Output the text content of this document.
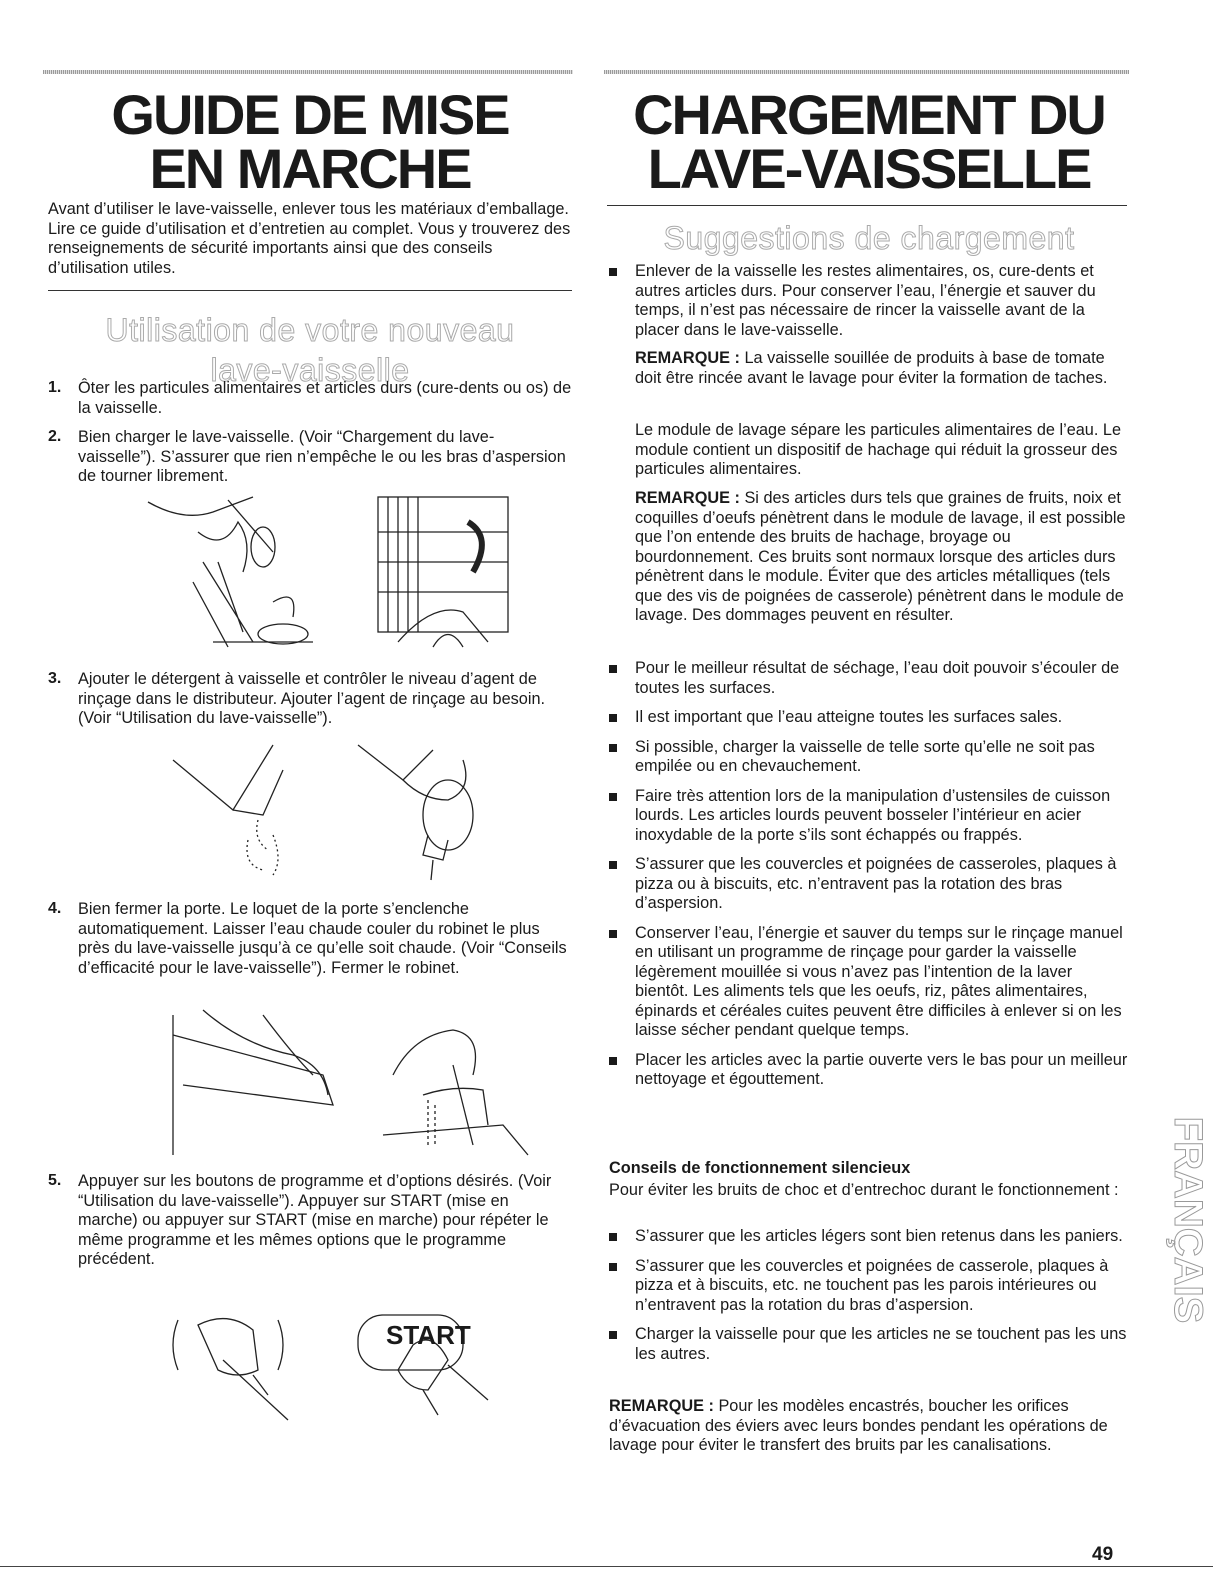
GUIDE DE MISE
EN MARCHE

Avant d’utiliser le lave-vaisselle, enlever tous les matériaux d’emballage. Lire ce guide d’utilisation et d’entretien au complet. Vous y trouverez des renseignements de sécurité importants ainsi que des conseils d’utilisation utiles.

Utilisation de votre nouveau
lave-vaisselle
1. Ôter les particules alimentaires et articles durs (cure-dents ou os) de la vaisselle.

2. Bien charger le lave-vaisselle. (Voir “Chargement du lave-vaisselle”). S’assurer que rien n’empêche le ou les bras d’aspersion de tourner librement.

3. Ajouter le détergent à vaisselle et contrôler le niveau d’agent de rinçage dans le distributeur. Ajouter l’agent de rinçage au besoin. (Voir “Utilisation du lave-vaisselle”).

4. Bien fermer la porte. Le loquet de la porte s’enclenche automatiquement. Laisser l’eau chaude couler du robinet le plus près du lave-vaisselle jusqu’à ce qu’elle soit chaude. (Voir “Conseils d’efficacité pour le lave-vaisselle”). Fermer le robinet.

5. Appuyer sur les boutons de programme et d’options désirés. (Voir “Utilisation du lave-vaisselle”). Appuyer sur START (mise en marche) ou appuyer sur START (mise en marche) pour répéter le même programme et les mêmes options que le programme précédent.

START
CHARGEMENT DU
LAVE-VAISSELLE
Suggestions de chargement
Enlever de la vaisselle les restes alimentaires, os, cure-dents et autres articles durs. Pour conserver l’eau, l’énergie et sauver du temps, il n’est pas nécessaire de rincer la vaisselle avant de la placer dans le lave-vaisselle.

REMARQUE : La vaisselle souillée de produits à base de tomate doit être rincée avant le lavage pour éviter la formation de taches.

Le module de lavage sépare les particules alimentaires de l’eau. Le module contient un dispositif de hachage qui réduit la grosseur des particules alimentaires.

REMARQUE : Si des articles durs tels que graines de fruits, noix et coquilles d’oeufs pénètrent dans le module de lavage, il est possible que l’on entende des bruits de hachage, broyage ou bourdonnement. Ces bruits sont normaux lorsque des articles durs pénètrent dans le module. Éviter que des articles métalliques (tels que des vis de poignées de casserole) pénètrent dans le module de lavage. Des dommages peuvent en résulter.

Pour le meilleur résultat de séchage, l’eau doit pouvoir s’écouler de toutes les surfaces.
Il est important que l’eau atteigne toutes les surfaces sales.
Si possible, charger la vaisselle de telle sorte qu’elle ne soit pas empilée ou en chevauchement.
Faire très attention lors de la manipulation d’ustensiles de cuisson lourds. Les articles lourds peuvent bosseler l’intérieur en acier inoxydable de la porte s’ils sont échappés ou frappés.
S’assurer que les couvercles et poignées de casseroles, plaques à pizza ou à biscuits, etc. n’entravent pas la rotation des bras d’aspersion.
Conserver l’eau, l’énergie et sauver du temps sur le rinçage manuel en utilisant un programme de rinçage pour garder la vaisselle légèrement mouillée si vous n’avez pas l’intention de la laver bientôt. Les aliments tels que les oeufs, riz, pâtes alimentaires, épinards et céréales cuites peuvent être difficiles à enlever si on les laisse sécher pendant quelque temps.
Placer les articles avec la partie ouverte vers le bas pour un meilleur nettoyage et égouttement.
Conseils de fonctionnement silencieux

Pour éviter les bruits de choc et d’entrechoc durant le fonctionnement :

S’assurer que les articles légers sont bien retenus dans les paniers.
S’assurer que les couvercles et poignées de casserole, plaques à pizza et à biscuits, etc. ne touchent pas les parois intérieures ou n’entravent pas la rotation du bras d’aspersion.
Charger la vaisselle pour que les articles ne se touchent pas les uns les autres.

REMARQUE : Pour les modèles encastrés, boucher les orifices d’évacuation des éviers avec leurs bondes pendant les opérations de lavage pour éviter le transfert des bruits par les canalisations.

FRANÇAIS
49
